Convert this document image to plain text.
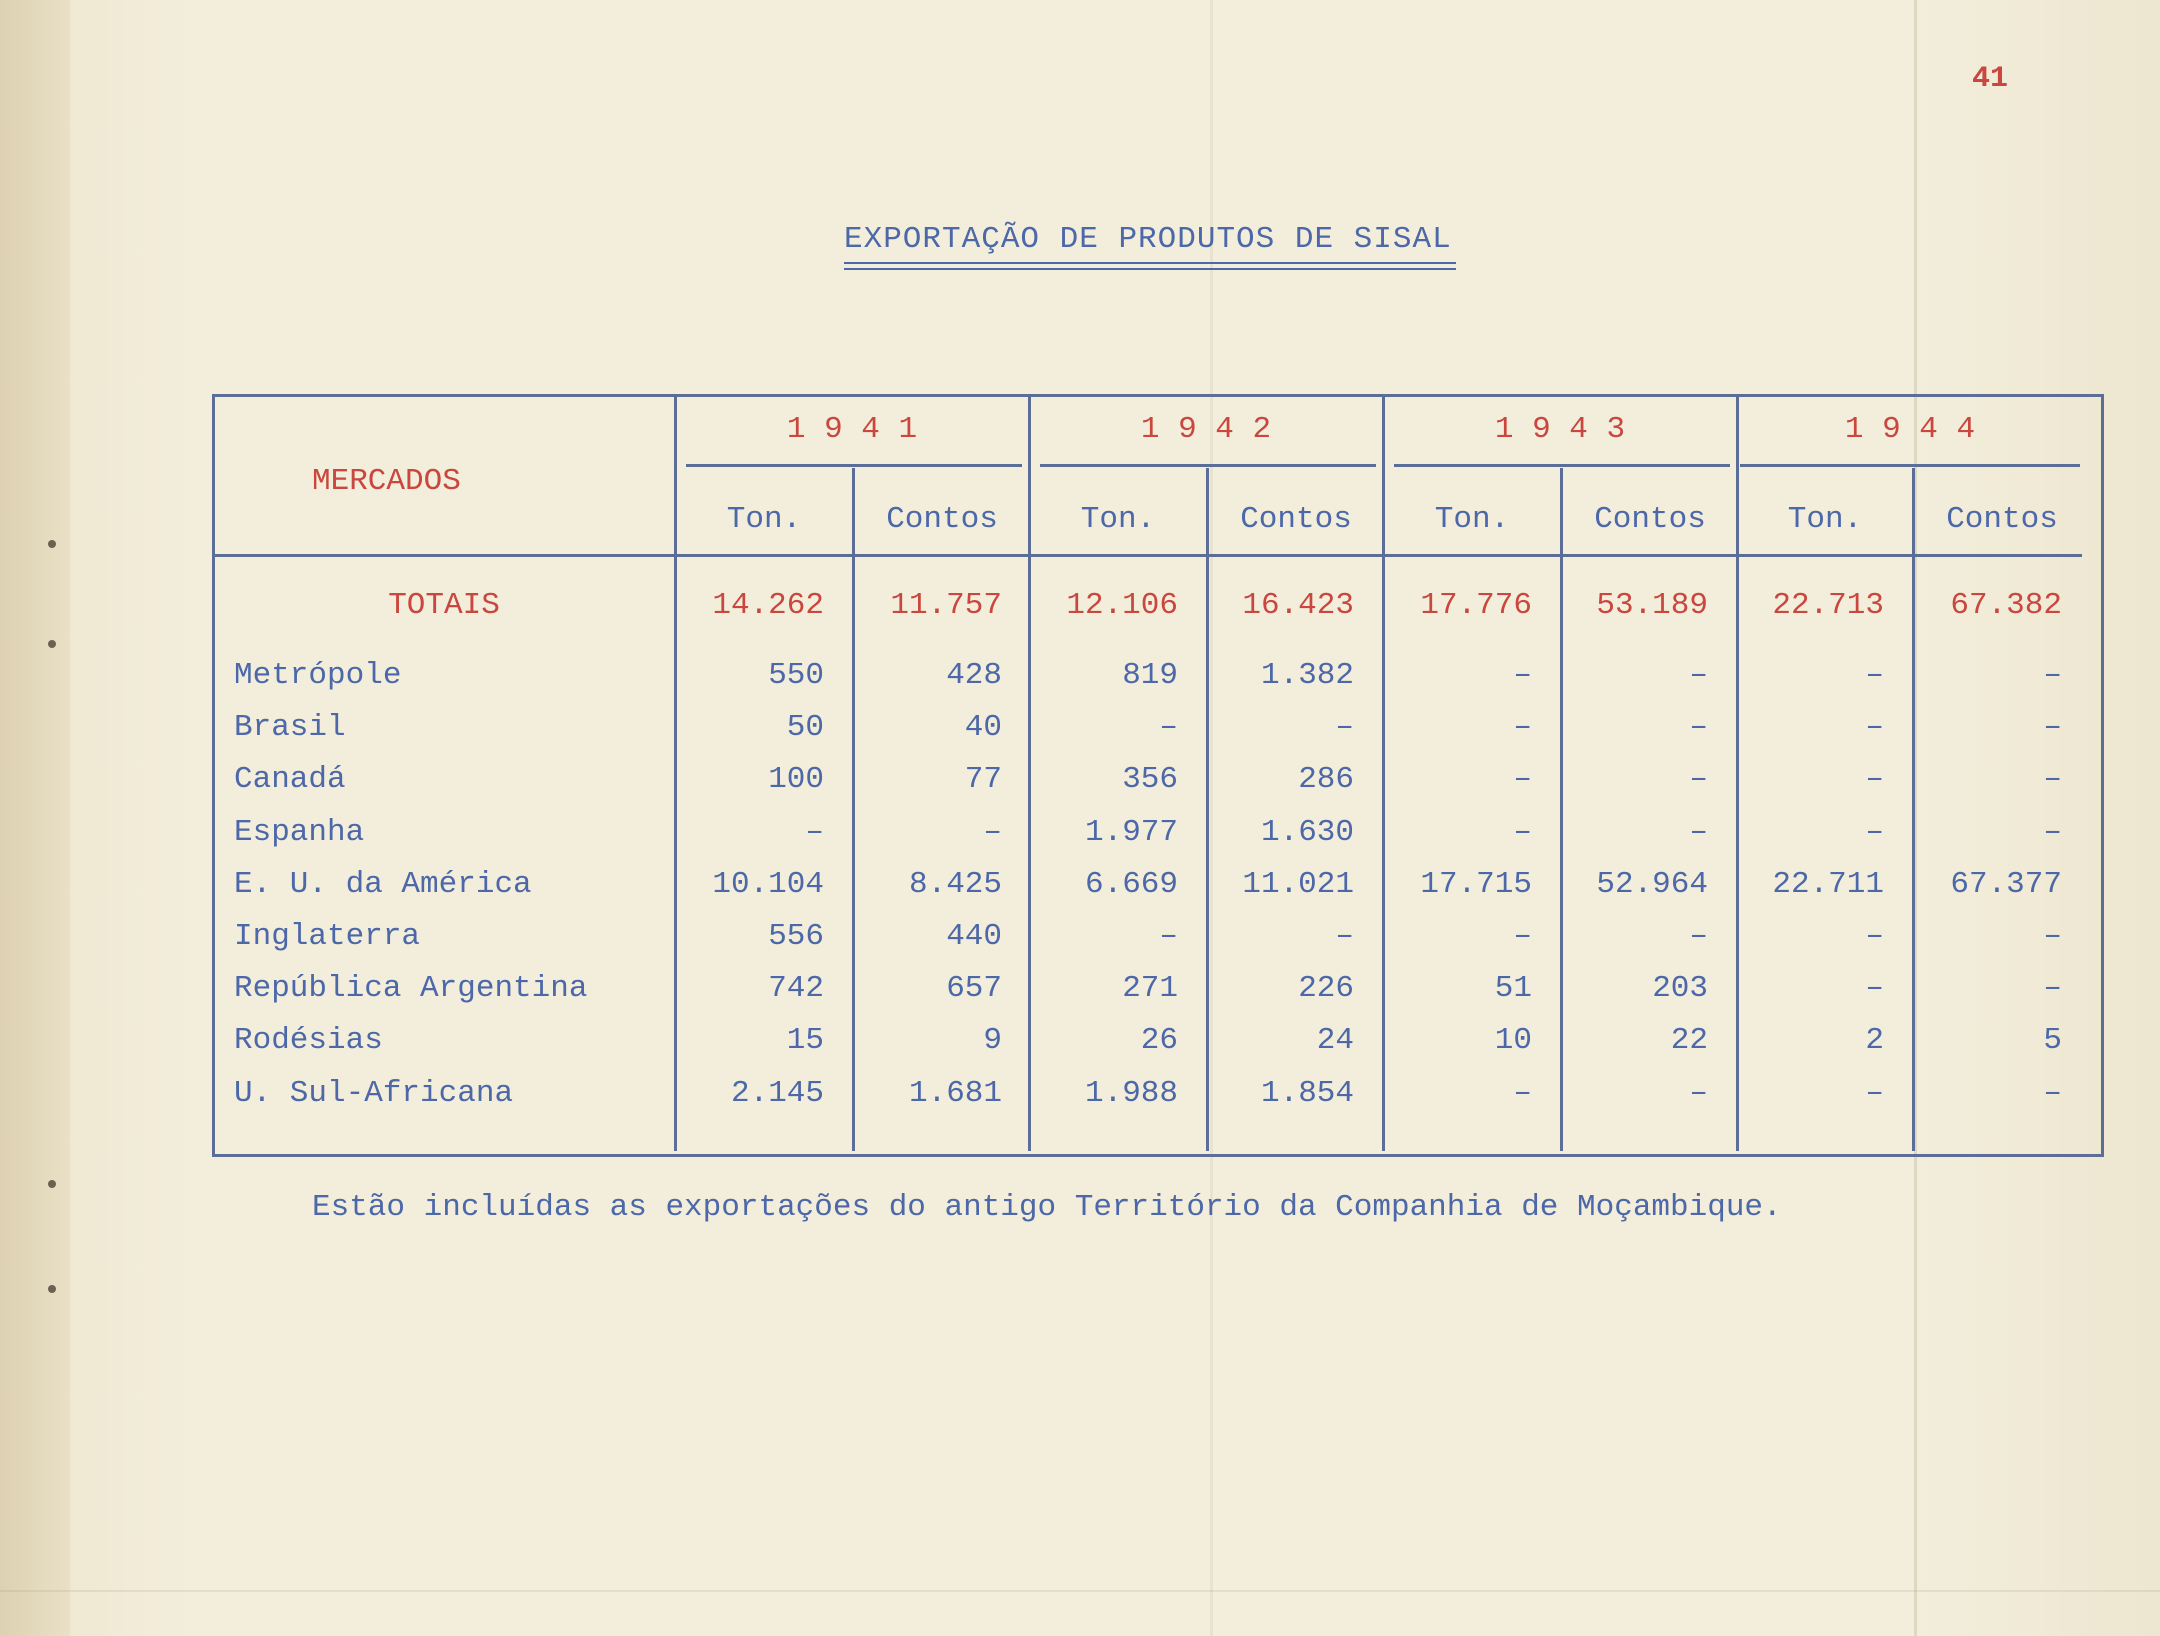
41
EXPORTAÇÃO DE PRODUTOS DE SISAL
MERCADOS
1 9 4 1	1 9 4 2	1 9 4 3	1 9 4 4
Ton.	Contos	Ton.	Contos	Ton.	Contos	Ton.	Contos
TOTAIS	14.262	11.757	12.106	16.423	17.776	53.189	22.713	67.382
Metrópole	550	428	819	1.382	–	–	–	–
Brasil	50	40	–	–	–	–	–	–
Canadá	100	77	356	286	–	–	–	–
Espanha	–	–	1.977	1.630	–	–	–	–
E. U. da América	10.104	8.425	6.669	11.021	17.715	52.964	22.711	67.377
Inglaterra	556	440	–	–	–	–	–	–
República Argentina	742	657	271	226	51	203	–	–
Rodésias	15	9	26	24	10	22	2	5
U. Sul-Africana	2.145	1.681	1.988	1.854	–	–	–	–
Estão incluídas as exportações do antigo Território da Companhia de Moçambique.
